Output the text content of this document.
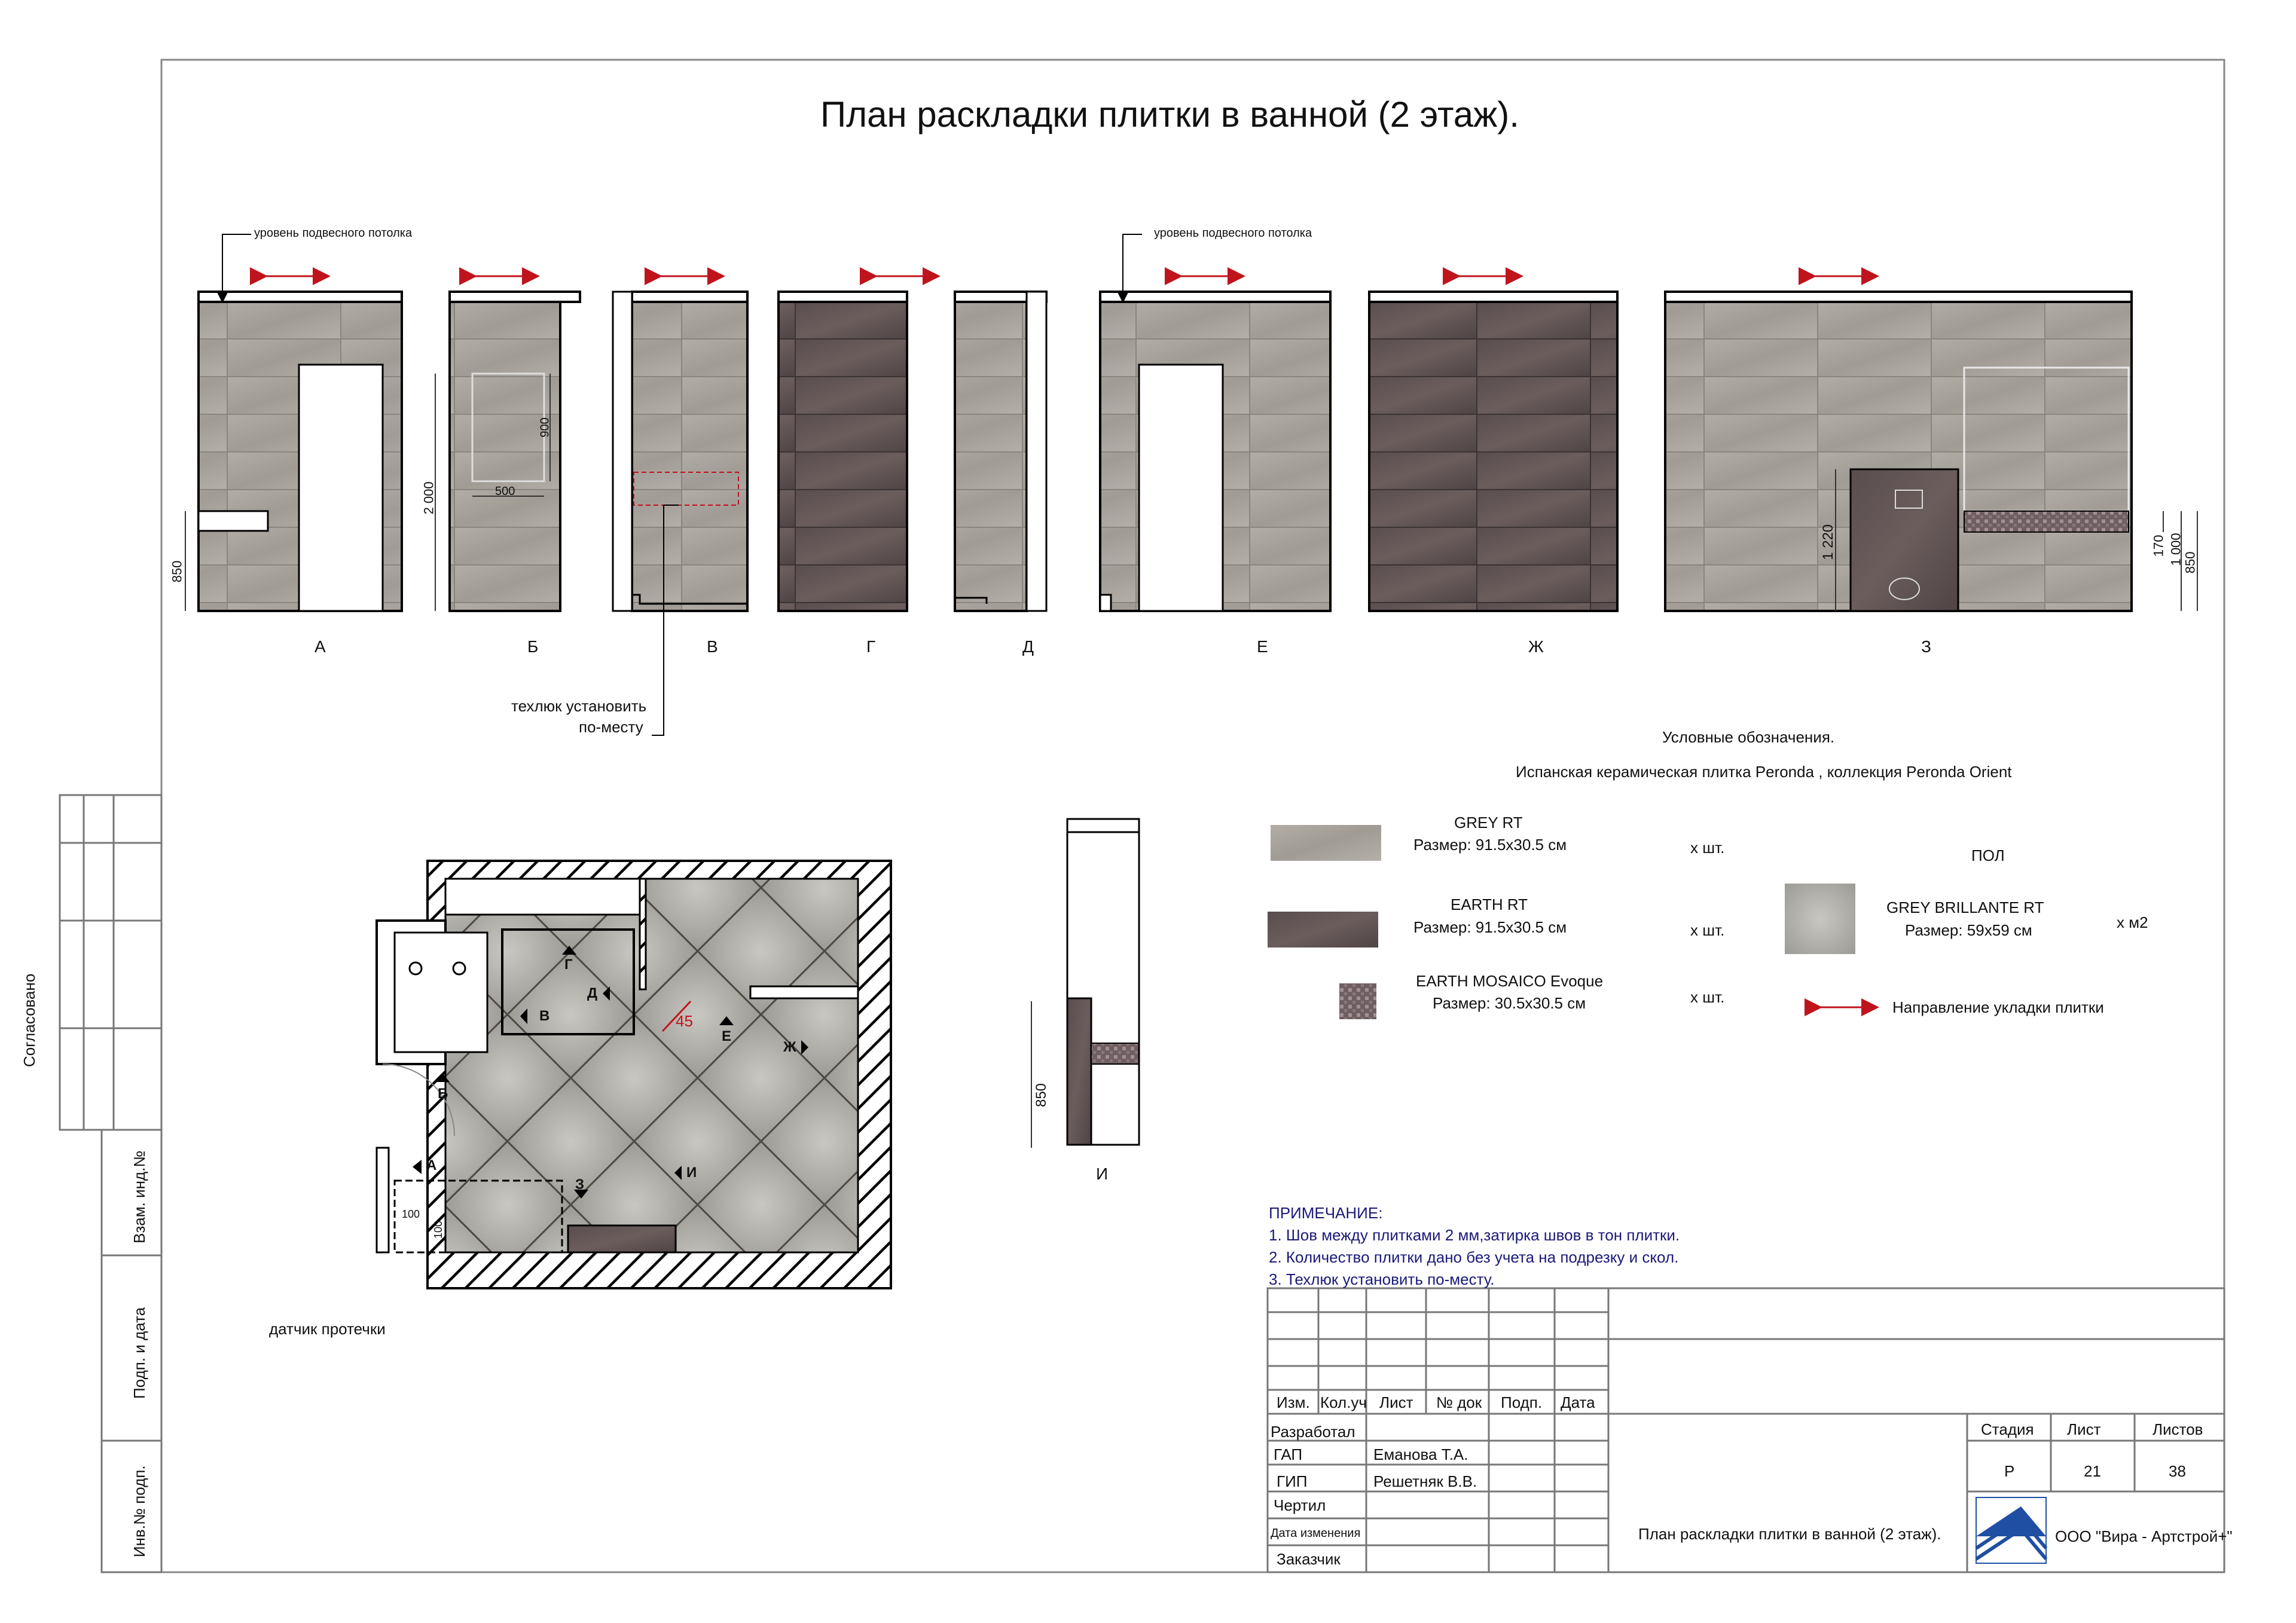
План раскладки плитки в ванной (2 этаж).
уровень подвесного потолка	уровень подвесного потолка
техлюк установить
по-месту
датчик протечки
А	Б	В	Г	Д	Е	Ж	З
И
850
2 000
900
500
1 220	170 1 000
850
850
А
Б
В
Г
Д
Е
Ж
З
И
45
100
100
Условные обозначения.
Испанская керамическая плитка Peronda , коллекция Peronda Orient
ПОЛ
GREY RT
Размер: 91.5х30.5 см	х шт.
EARTH RT
Размер: 91.5х30.5 см	х шт.
EARTH MOSAICO Evoque
Размер: 30.5х30.5 см	х шт.
GREY BRILLANTE RT
Размер: 59х59 см	х м2
Направление укладки плитки
ПРИМЕЧАНИЕ:
1. Шов между плитками 2 мм,затирка швов в тон плитки.
2. Количество плитки дано без учета на подрезку и скол.
3. Техлюк установить по-месту.
Согласовано
Взам. инд.№
Подп. и дата
Инв.№ подп.
Изм. Кол.уч Лист № док Подп. Дата
Разработал
ГАП	Еманова Т.А.
ГИП	Решетняк В.В.
Чертил
Дата изменения
Заказчик
Стадия Лист	Листов
Р	21	38
План раскладки плитки в ванной (2 этаж).	ООО "Вира - Артстрой+"
